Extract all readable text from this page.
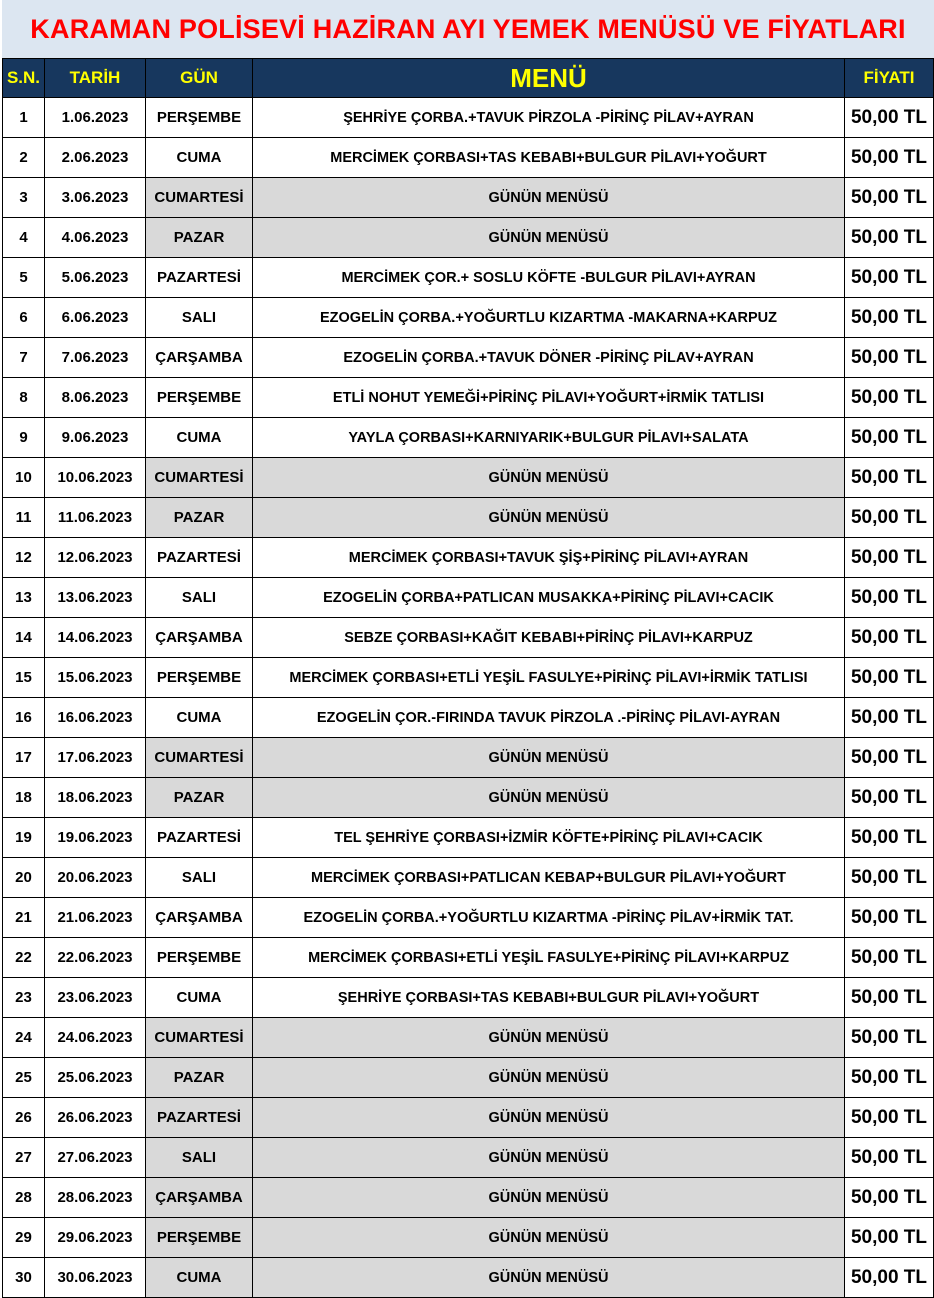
KARAMAN POLİSEVİ HAZİRAN AYI YEMEK MENÜSÜ VE FİYATLARI
S.N.	TARİH	GÜN	MENÜ	FİYATI
1	1.06.2023	PERŞEMBE	ŞEHRİYE ÇORBA.+TAVUK PİRZOLA -PİRİNÇ PİLAV+AYRAN	50,00 TL
2	2.06.2023	CUMA	MERCİMEK ÇORBASI+TAS KEBABI+BULGUR PİLAVI+YOĞURT	50,00 TL
3	3.06.2023	CUMARTESİ	GÜNÜN MENÜSÜ	50,00 TL
4	4.06.2023	PAZAR	GÜNÜN MENÜSÜ	50,00 TL
5	5.06.2023	PAZARTESİ	MERCİMEK ÇOR.+ SOSLU KÖFTE -BULGUR PİLAVI+AYRAN	50,00 TL
6	6.06.2023	SALI	EZOGELİN ÇORBA.+YOĞURTLU KIZARTMA -MAKARNA+KARPUZ	50,00 TL
7	7.06.2023	ÇARŞAMBA	EZOGELİN ÇORBA.+TAVUK DÖNER -PİRİNÇ PİLAV+AYRAN	50,00 TL
8	8.06.2023	PERŞEMBE	ETLİ NOHUT YEMEĞİ+PİRİNÇ PİLAVI+YOĞURT+İRMİK TATLISI	50,00 TL
9	9.06.2023	CUMA	YAYLA ÇORBASI+KARNIYARIK+BULGUR PİLAVI+SALATA	50,00 TL
10	10.06.2023	CUMARTESİ	GÜNÜN MENÜSÜ	50,00 TL
11	11.06.2023	PAZAR	GÜNÜN MENÜSÜ	50,00 TL
12	12.06.2023	PAZARTESİ	MERCİMEK ÇORBASI+TAVUK ŞİŞ+PİRİNÇ PİLAVI+AYRAN	50,00 TL
13	13.06.2023	SALI	EZOGELİN ÇORBA+PATLICAN MUSAKKA+PİRİNÇ PİLAVI+CACIK	50,00 TL
14	14.06.2023	ÇARŞAMBA	SEBZE ÇORBASI+KAĞIT KEBABI+PİRİNÇ PİLAVI+KARPUZ	50,00 TL
15	15.06.2023	PERŞEMBE	MERCİMEK ÇORBASI+ETLİ YEŞİL FASULYE+PİRİNÇ PİLAVI+İRMİK TATLISI	50,00 TL
16	16.06.2023	CUMA	EZOGELİN ÇOR.-FIRINDA TAVUK PİRZOLA .-PİRİNÇ PİLAVI-AYRAN	50,00 TL
17	17.06.2023	CUMARTESİ	GÜNÜN MENÜSÜ	50,00 TL
18	18.06.2023	PAZAR	GÜNÜN MENÜSÜ	50,00 TL
19	19.06.2023	PAZARTESİ	TEL ŞEHRİYE ÇORBASI+İZMİR KÖFTE+PİRİNÇ PİLAVI+CACIK	50,00 TL
20	20.06.2023	SALI	MERCİMEK ÇORBASI+PATLICAN KEBAP+BULGUR PİLAVI+YOĞURT	50,00 TL
21	21.06.2023	ÇARŞAMBA	EZOGELİN ÇORBA.+YOĞURTLU KIZARTMA -PİRİNÇ PİLAV+İRMİK TAT.	50,00 TL
22	22.06.2023	PERŞEMBE	MERCİMEK ÇORBASI+ETLİ YEŞİL FASULYE+PİRİNÇ PİLAVI+KARPUZ	50,00 TL
23	23.06.2023	CUMA	ŞEHRİYE ÇORBASI+TAS KEBABI+BULGUR PİLAVI+YOĞURT	50,00 TL
24	24.06.2023	CUMARTESİ	GÜNÜN MENÜSÜ	50,00 TL
25	25.06.2023	PAZAR	GÜNÜN MENÜSÜ	50,00 TL
26	26.06.2023	PAZARTESİ	GÜNÜN MENÜSÜ	50,00 TL
27	27.06.2023	SALI	GÜNÜN MENÜSÜ	50,00 TL
28	28.06.2023	ÇARŞAMBA	GÜNÜN MENÜSÜ	50,00 TL
29	29.06.2023	PERŞEMBE	GÜNÜN MENÜSÜ	50,00 TL
30	30.06.2023	CUMA	GÜNÜN MENÜSÜ	50,00 TL
